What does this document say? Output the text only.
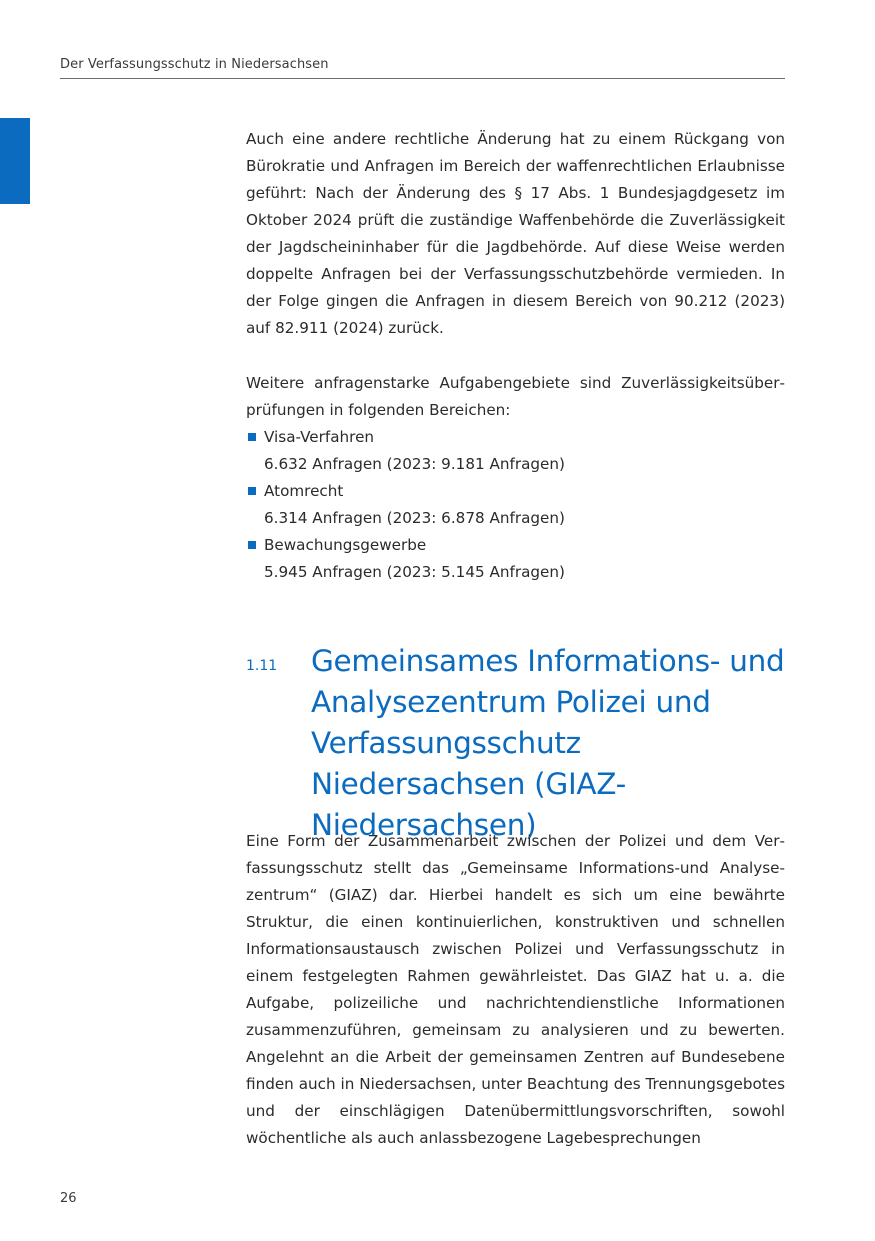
Der Verfassungsschutz in Niedersachsen

Auch eine andere rechtliche Änderung hat zu einem Rückgang von Bürokratie und Anfragen im Bereich der waffenrechtlichen Erlaubnisse geführt: Nach der Änderung des § 17 Abs. 1 Bundesjagdgesetz im Oktober 2024 prüft die zuständige Waffenbehörde die Zuverlässigkeit der Jagdscheininhaber für die Jagdbehörde. Auf diese Weise werden doppelte Anfragen bei der Verfassungsschutzbehörde vermieden. In der Folge gingen die Anfragen in diesem Bereich von 90.212 (2023) auf 82.911 (2024) zurück.

Weitere anfragenstarke Aufgabengebiete sind Zuverlässigkeitsüberprüfungen in folgenden Bereichen:

Visa-Verfahren
6.632 Anfragen (2023: 9.181 Anfragen)
Atomrecht
6.314 Anfragen (2023: 6.878 Anfragen)
Bewachungsgewerbe
5.945 Anfragen (2023: 5.145 Anfragen)
1.11 Gemeinsames Informations- und Analysezentrum Polizei und Verfassungsschutz Niedersachsen (GIAZ-Niedersachsen)

Eine Form der Zusammenarbeit zwischen der Polizei und dem Verfassungsschutz stellt das „Gemeinsame Informations-und Analysezentrum“ (GIAZ) dar. Hierbei handelt es sich um eine bewährte Struktur, die einen kontinuierlichen, konstruktiven und schnellen Informationsaustausch zwischen Polizei und Verfassungsschutz in einem festgelegten Rahmen gewährleistet. Das GIAZ hat u. a. die Aufgabe, polizeiliche und nachrichtendienstliche Informationen zusammenzuführen, gemeinsam zu analysieren und zu bewerten. Angelehnt an die Arbeit der gemeinsamen Zentren auf Bundesebene finden auch in Niedersachsen, unter Beachtung des Trennungsgebotes und der einschlägigen Datenübermittlungsvorschriften, sowohl wöchentliche als auch anlassbezogene Lagebesprechungen

26
